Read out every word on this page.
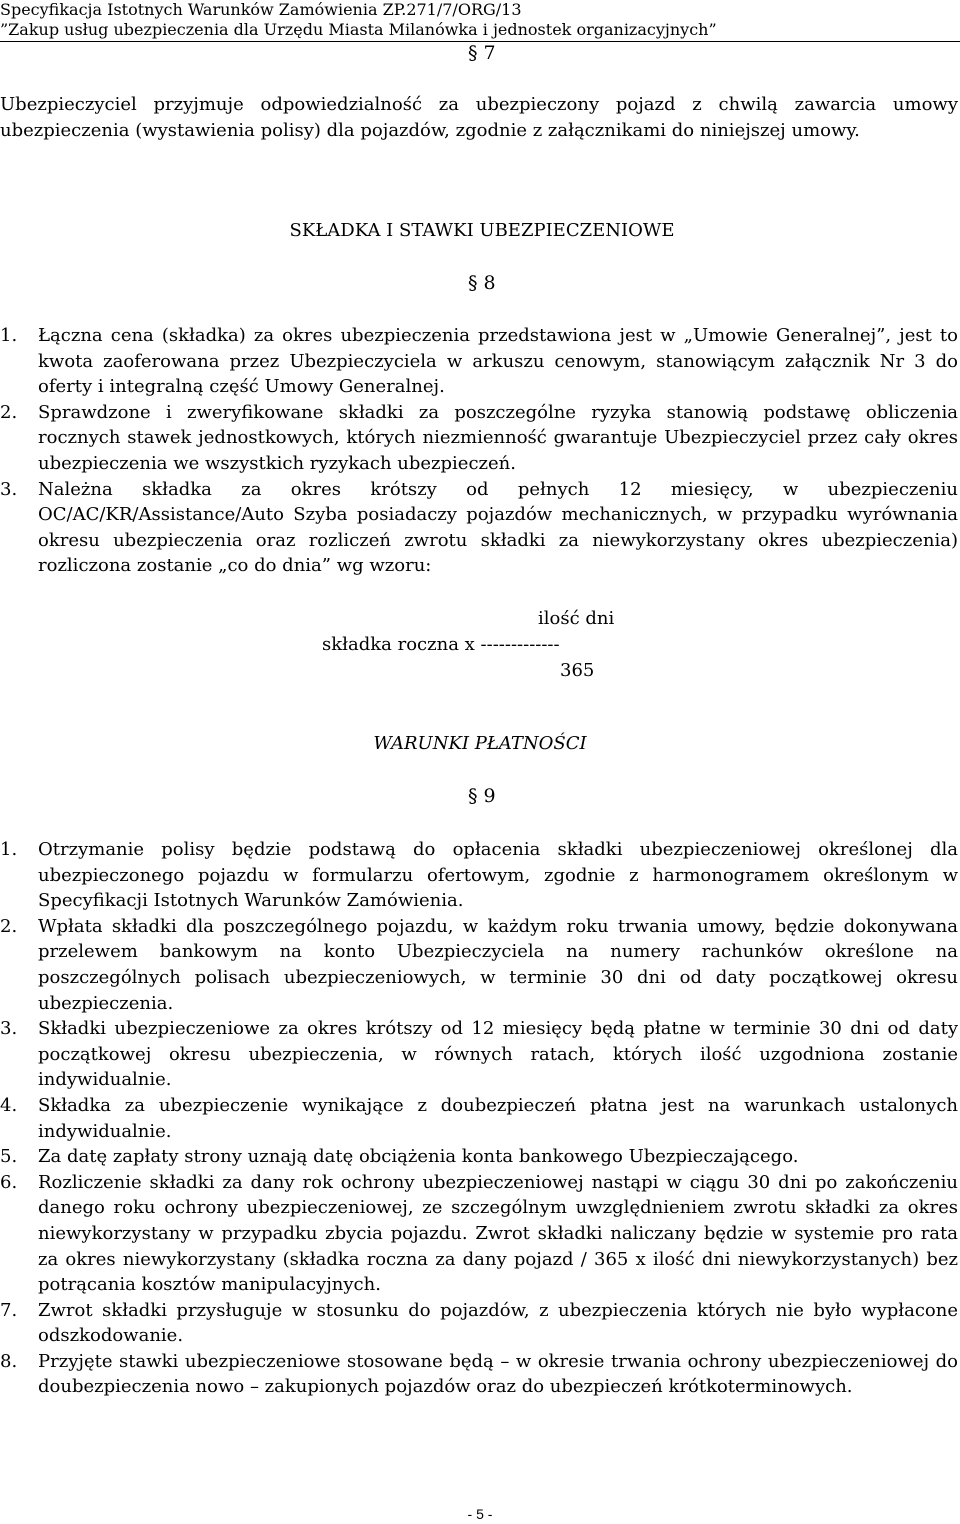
Specyfikacja Istotnych Warunków Zamówienia ZP.271/7/ORG/13
”Zakup usług ubezpieczenia dla Urzędu Miasta Milanówka i jednostek organizacyjnych”
§ 7
Ubezpieczyciel przyjmuje odpowiedzialność za ubezpieczony pojazd z chwilą zawarcia umowy ubezpieczenia (wystawienia polisy) dla pojazdów, zgodnie z załącznikami do niniejszej umowy.
SKŁADKA I STAWKI UBEZPIECZENIOWE
§ 8
1. Łączna cena (składka) za okres ubezpieczenia przedstawiona jest w „Umowie Generalnej”, jest to kwota zaoferowana przez Ubezpieczyciela w arkuszu cenowym, stanowiącym załącznik Nr 3 do oferty i integralną część Umowy Generalnej.
2. Sprawdzone i zweryfikowane składki za poszczególne ryzyka stanowią podstawę obliczenia rocznych stawek jednostkowych, których niezmienność gwarantuje Ubezpieczyciel przez cały okres ubezpieczenia we wszystkich ryzykach ubezpieczeń.
3. Należna składka za okres krótszy od pełnych 12 miesięcy, w ubezpieczeniu OC/AC/KR/Assistance/Auto Szyba posiadaczy pojazdów mechanicznych, w przypadku wyrównania okresu ubezpieczenia oraz rozliczeń zwrotu składki za niewykorzystany okres ubezpieczenia) rozliczona zostanie „co do dnia” wg wzoru:
ilość dni
składka roczna x -------------
365
WARUNKI PŁATNOŚCI
§ 9
1. Otrzymanie polisy będzie podstawą do opłacenia składki ubezpieczeniowej określonej dla ubezpieczonego pojazdu w formularzu ofertowym, zgodnie z harmonogramem określonym w Specyfikacji Istotnych Warunków Zamówienia.
2. Wpłata składki dla poszczególnego pojazdu, w każdym roku trwania umowy, będzie dokonywana przelewem bankowym na konto Ubezpieczyciela na numery rachunków określone na poszczególnych polisach ubezpieczeniowych, w terminie 30 dni od daty początkowej okresu ubezpieczenia.
3. Składki ubezpieczeniowe za okres krótszy od 12 miesięcy będą płatne w terminie 30 dni od daty początkowej okresu ubezpieczenia, w równych ratach, których ilość uzgodniona zostanie indywidualnie.
4. Składka za ubezpieczenie wynikające z doubezpieczeń płatna jest na warunkach ustalonych indywidualnie.
5. Za datę zapłaty strony uznają datę obciążenia konta bankowego Ubezpieczającego.
6. Rozliczenie składki za dany rok ochrony ubezpieczeniowej nastąpi w ciągu 30 dni po zakończeniu danego roku ochrony ubezpieczeniowej, ze szczególnym uwzględnieniem zwrotu składki za okres niewykorzystany w przypadku zbycia pojazdu. Zwrot składki naliczany będzie w systemie pro rata za okres niewykorzystany (składka roczna za dany pojazd / 365 x ilość dni niewykorzystanych) bez potrącania kosztów manipulacyjnych.
7. Zwrot składki przysługuje w stosunku do pojazdów, z ubezpieczenia których nie było wypłacone odszkodowanie.
8. Przyjęte stawki ubezpieczeniowe stosowane będą – w okresie trwania ochrony ubezpieczeniowej do doubezpieczenia nowo – zakupionych pojazdów oraz do ubezpieczeń krótkoterminowych.
- 5 -
